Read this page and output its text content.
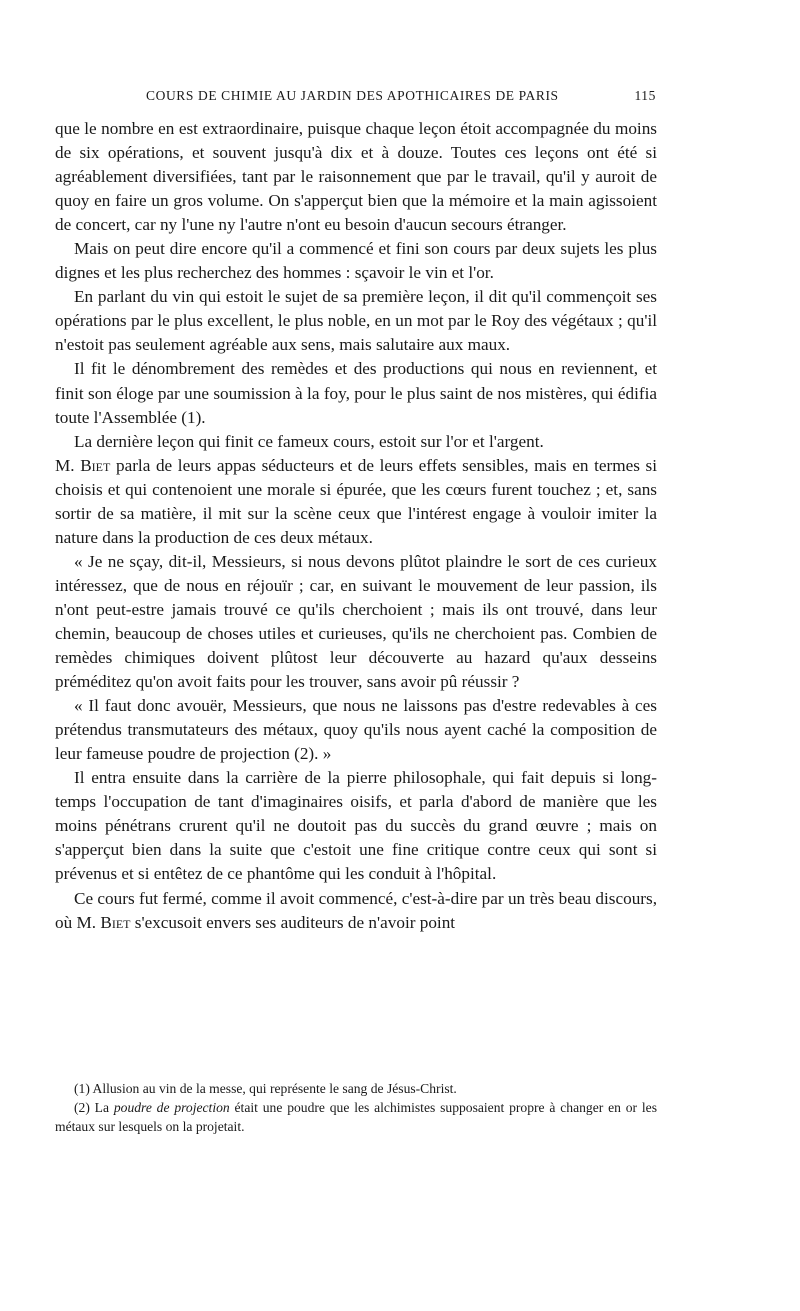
COURS DE CHIMIE AU JARDIN DES APOTHICAIRES DE PARIS	115

que le nombre en est extraordinaire, puisque chaque leçon étoit accompagnée du moins de six opérations, et souvent jusqu'à dix et à douze. Toutes ces leçons ont été si agréablement diversifiées, tant par le raisonnement que par le travail, qu'il y auroit de quoy en faire un gros volume. On s'apperçut bien que la mémoire et la main agissoient de concert, car ny l'une ny l'autre n'ont eu besoin d'aucun secours étranger.

Mais on peut dire encore qu'il a commencé et fini son cours par deux sujets les plus dignes et les plus recherchez des hommes : sçavoir le vin et l'or.

En parlant du vin qui estoit le sujet de sa première leçon, il dit qu'il commençoit ses opérations par le plus excellent, le plus noble, en un mot par le Roy des végétaux ; qu'il n'estoit pas seulement agréable aux sens, mais salutaire aux maux.

Il fit le dénombrement des remèdes et des productions qui nous en reviennent, et finit son éloge par une soumission à la foy, pour le plus saint de nos mistères, qui édifia toute l'Assemblée (1).

La dernière leçon qui finit ce fameux cours, estoit sur l'or et l'argent.

M. Biet parla de leurs appas séducteurs et de leurs effets sensibles, mais en termes si choisis et qui contenoient une morale si épurée, que les cœurs furent touchez ; et, sans sortir de sa matière, il mit sur la scène ceux que l'intérest engage à vouloir imiter la nature dans la production de ces deux métaux.

« Je ne sçay, dit-il, Messieurs, si nous devons plûtot plaindre le sort de ces curieux intéressez, que de nous en réjouïr ; car, en suivant le mouvement de leur passion, ils n'ont peut-estre jamais trouvé ce qu'ils cherchoient ; mais ils ont trouvé, dans leur chemin, beaucoup de choses utiles et curieuses, qu'ils ne cherchoient pas. Combien de remèdes chimiques doivent plûtost leur découverte au hazard qu'aux desseins préméditez qu'on avoit faits pour les trouver, sans avoir pû réussir ?

« Il faut donc avouër, Messieurs, que nous ne laissons pas d'estre redevables à ces prétendus transmutateurs des métaux, quoy qu'ils nous ayent caché la composition de leur fameuse poudre de projection (2). »

Il entra ensuite dans la carrière de la pierre philosophale, qui fait depuis si long-temps l'occupation de tant d'imaginaires oisifs, et parla d'abord de manière que les moins pénétrans crurent qu'il ne doutoit pas du succès du grand œuvre ; mais on s'apperçut bien dans la suite que c'estoit une fine critique contre ceux qui sont si prévenus et si entêtez de ce phantôme qui les conduit à l'hôpital.

Ce cours fut fermé, comme il avoit commencé, c'est-à-dire par un très beau discours, où M. Biet s'excusoit envers ses auditeurs de n'avoir point

(1) Allusion au vin de la messe, qui représente le sang de Jésus-Christ.

(2) La poudre de projection était une poudre que les alchimistes supposaient propre à changer en or les métaux sur lesquels on la projetait.
